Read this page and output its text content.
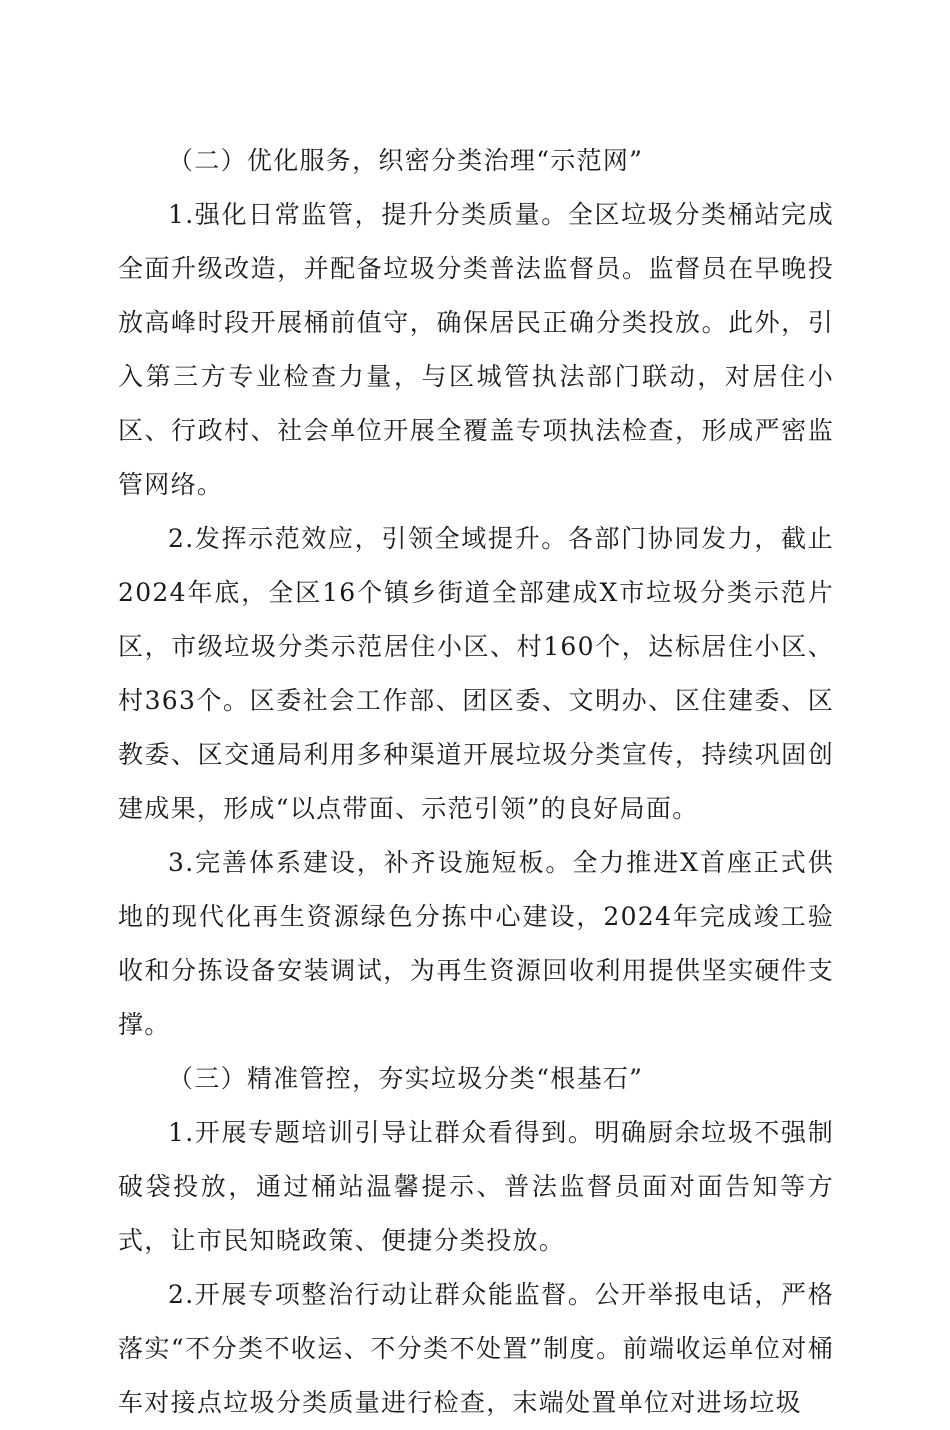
（二）优化服务，织密分类治理“示范网”

1.强化日常监管，提升分类质量。全区垃圾分类桶站完成全面升级改造，并配备垃圾分类普法监督员。监督员在早晚投放高峰时段开展桶前值守，确保居民正确分类投放。此外，引入第三方专业检查力量，与区城管执法部门联动，对居住小区、行政村、社会单位开展全覆盖专项执法检查，形成严密监管网络。

2.发挥示范效应，引领全域提升。各部门协同发力，截止2024年底，全区16个镇乡街道全部建成X市垃圾分类示范片区，市级垃圾分类示范居住小区、村160个，达标居住小区、村363个。区委社会工作部、团区委、文明办、区住建委、区教委、区交通局利用多种渠道开展垃圾分类宣传，持续巩固创建成果，形成“以点带面、示范引领”的良好局面。

3.完善体系建设，补齐设施短板。全力推进X首座正式供地的现代化再生资源绿色分拣中心建设，2024年完成竣工验收和分拣设备安装调试，为再生资源回收利用提供坚实硬件支撑。

（三）精准管控，夯实垃圾分类“根基石”

1.开展专题培训引导让群众看得到。明确厨余垃圾不强制破袋投放，通过桶站温馨提示、普法监督员面对面告知等方式，让市民知晓政策、便捷分类投放。

2.开展专项整治行动让群众能监督。公开举报电话，严格落实“不分类不收运、不分类不处置”制度。前端收运单位对桶车对接点垃圾分类质量进行检查，末端处置单位对进场垃圾
